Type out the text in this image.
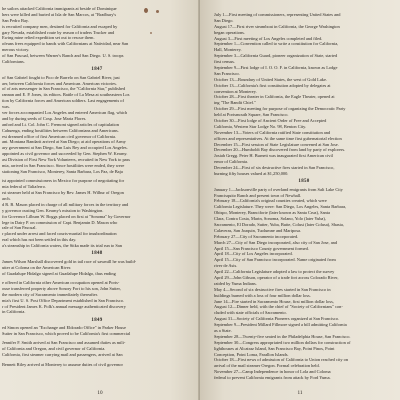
he sailors attacked California immigrants at beside of Dominique
hers were killed and buried at Isla de San Marcos, at "Bradbury's
San Pedro Bay.
is recruited company men, destined for California and escaped by
gary Nevada, established route by reason of traders Trucker and
Ewing mine relied expedition set out to rescue them.
ofeuns frees equipped to bands with Californians at Natividad, near San
merous victory.
of San Pascual, between Warner's Ranch and San Diego. U. S. troops
Californians.
1847
of San Gabriel fought to Pico de Barrelo on San Gabriel River, just
aer, between California forces and American. American victories.
of of arts messenger in San Francisco, the "California Star," published
rannan and E. P. Jones, its editors. Battle of La Mesa at southeastern Los
tion by California forces and American soldiers. Last engagements of
was.
ver forces accompanied Los Angeles and entered American flag, which
and by during seeds of Cosp. Jose Maria Flores.
anford and Lt. Col. John C. Fremont signed articles of capitulation
Cahuenga, ending hostilities between Californians and Americans.
est dreamed office of first American civil governor of California.
ant. Montana Bandarit arrived at San Diego; at aid operations of Army
ary government at San Diego, San Luis Rey and occupied Los Angeles.
appointed as civil governor and succeeded by Gen. Stephen W. Kearny.
ast Division of First New York Volunteers, recruited in New York to pass
mia, arrived in San Francisco. Since hostilities were ended, they were
stationing San Francisco, Monterey, Santa Barbara, Los Paz, de Baja
ist appointed commissioners in Mexico for purpose of negotiating for
mia federal of Taliaferro.
rst steamer held at San Francisco by Rev. James H. Wilbur of Oregon
arch.
d R. B. Mason placed in charge of all military forces in the territory and
y governor ousting Gen. Kearny's mission to Washington.
for Governor Lilburn W. Boggs placed on first at "Sonoma" by Governor
lege in Dairy P. on commission of Capt. Benjamin D. Mason who
rale of San Pascual.
r placed under arrest and faced courts-martial for insubordination
eral which has not been settled in this day.
a's steamship in California waters, the Sitka made its trial run to San
1848
James Wilson Marshall discovered gold in tail race of sawmill he was build-
utter at Coloma on the American River.
of Guadalupe Hidalgo signed at Guadalupe Hidalgo, thus ending
e offered in California other American occupation opened at Ports-
ouse transferred property above Sonory Fort to his son, John Sutter,
the modern city of Sacramento immediately thereafter.
mia's first U. S. Post Office Department established in San Francisco.
r of President James K. Polk's annual message authenticated discovery
in California.
1849
ed Simon opened an "Exchange and Eldorado Office" in Parker House
Sutter in San Francisco, which proved to be California's first commercial
Jennifer F. Smith arrived at San Francisco and assumed duties as mili-
of California and Oregon, and civil governor of California.
California, first steamer carrying mail and passengers, arrived at San
Bennett Riley arrived at Monterey to assume duties of civil governor
10
July 1—First meeting of commissioners, representing United States and
San Diego.
August 17—First river steamboat in California, the George Washington
began operations.
August 3—First meeting of Los Angeles completed and filed.
September 1—Convention called to write a constitution for California,
Hall, Monterey.
September 3—California Guard, pioneer organization of State, started
first census.
September 9—First lodge of I. O. O. F. in California, known as Lodge
San Francisco.
October 13—Boundary of United States, the west of Gold Lake.
October 13—California's first constitution adopted by delegates at
convention at Monterey.
October 28—First theater in California, the Eagle Theater, opened at
ing "The Bandit Chief."
October 29—First meeting for purpose of organizing the Democratic Party
held at Portsmouth Square, San Francisco.
October 30—First lodge of Ancient Order of Free and Accepted
California, Western Star Lodge No. 98, Benton City.
November 13—Voters of California ratified State constitution and
officers and representatives. At the same time first gubernatorial election
December 15—First session of State Legislature convened at San Jose.
December 20—Humboldt Bay discovered from land by party of explorers.
Josiah Gregg. Peter H. Burnett was inaugurated first American civil
ernor of California.
December 24—First of six destructive fires started in San Francisco,
burning fifty houses valued at $1,250,000.
1850
January 1—Jacksonville party of overland emigrants from Salt Lake City
Francisquito Ranch and present town of Newhall.
February 18—California's original counties created, which were
California Legislature. They were: San Diego, Los Angeles, Santa Barbara,
Obispo, Monterey, Branciforte (later known as Santa Cruz), Santa
Clara, Contra Costa, Marin, Sonoma, Solano, Yolo (later Yuba),
Sacramento, El Dorado, Sutter, Yuba, Butte, Colusi (later Colusa), Shasta,
Calaveras, San Joaquin, Tuolumne and Mariposa.
February 27—City of Sacramento incorporated.
March 27—City of San Diego incorporated, also city of San Jose, and
April 15—San Francisco County government formed.
April 18—City of Los Angeles incorporated.
April 15—City of San Francisco incorporated. Name originated from
river de Asis.
April 22—California Legislature adopted a law to protect the survey
April 29—John Gibson, operator of a trade fort across Colorado River,
raided by Yuma Indians.
May 4—Second of six destructive fires started in San Francisco in
buildings burned with a loss of four million dollar loss.
June 14—Fire started in Sacramento House, first million dollar loss,
August 12—Dinner held, with the chief of "Society of Californians" con-
cluded with state officials of Sacramento.
August 31—Society of California Pioneers organized at San Francisco.
September 9—President Millard Fillmore signed a bill admitting California
as a State.
September 28—Twenty-five seated in the Philadelphia House, San Francisco.
September 30—Congress appropriated two million dollars for construction of
lighthouses at Alcatraz Island, San Francisco Bay, Point Pinos, Point
Conception, Point Loma, Farallon Islands.
October 18—First news of admission of California to Union reached city on
arrival of the mail steamer Oregon. Formal celebration held.
November 27—Camp Independence in honor of Lola and Coloma
federal to prevent California emigrants from attack by Ford Yuma.
11
